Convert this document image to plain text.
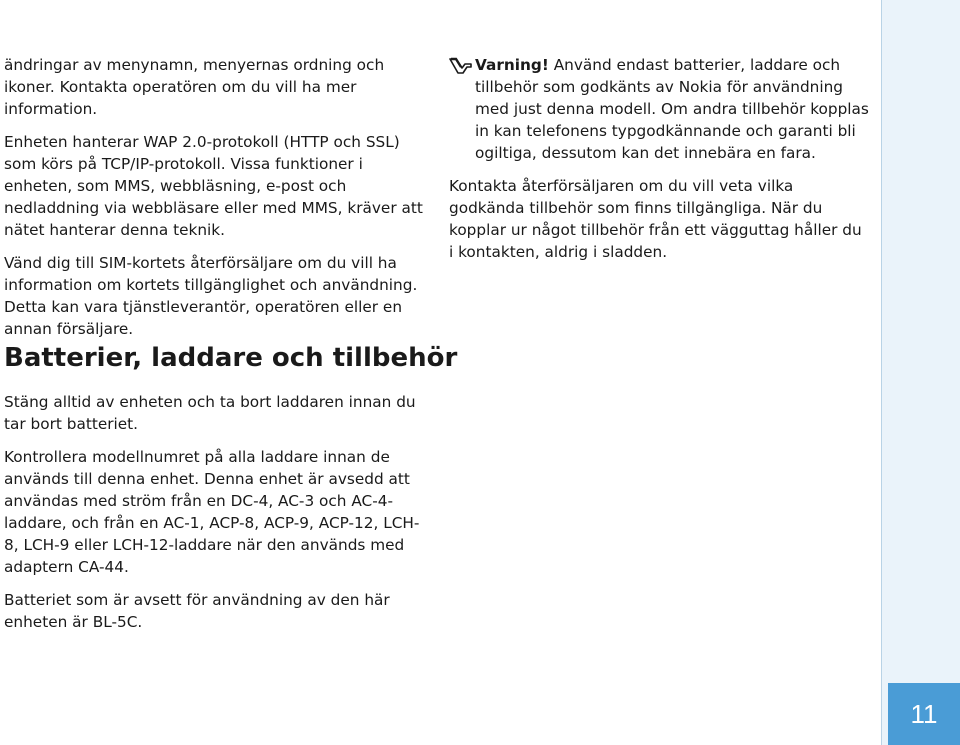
ändringar av menynamn, menyernas ordning och ikoner. Kontakta operatören om du vill ha mer information.

Enheten hanterar WAP 2.0-protokoll (HTTP och SSL) som körs på TCP/IP-protokoll. Vissa funktioner i enheten, som MMS, webbläsning, e-post och nedladdning via webbläsare eller med MMS, kräver att nätet hanterar denna teknik.

Vänd dig till SIM-kortets återförsäljare om du vill ha information om kortets tillgänglighet och användning. Detta kan vara tjänstleverantör, operatören eller en annan försäljare.

Batterier, laddare och tillbehör

Stäng alltid av enheten och ta bort laddaren innan du tar bort batteriet.

Kontrollera modellnumret på alla laddare innan de används till denna enhet. Denna enhet är avsedd att användas med ström från en DC-4, AC-3 och AC-4-laddare, och från en AC-1, ACP-8, ACP-9, ACP-12, LCH-8, LCH-9 eller LCH-12-laddare när den används med adaptern CA-44.

Batteriet som är avsett för användning av den här enheten är BL-5C.

Varning! Använd endast batterier, laddare och tillbehör som godkänts av Nokia för användning med just denna modell. Om andra tillbehör kopplas in kan telefonens typgodkännande och garanti bli ogiltiga, dessutom kan det innebära en fara.

Kontakta återförsäljaren om du vill veta vilka godkända tillbehör som finns tillgängliga. När du kopplar ur något tillbehör från ett vägguttag håller du i kontakten, aldrig i sladden.

11
